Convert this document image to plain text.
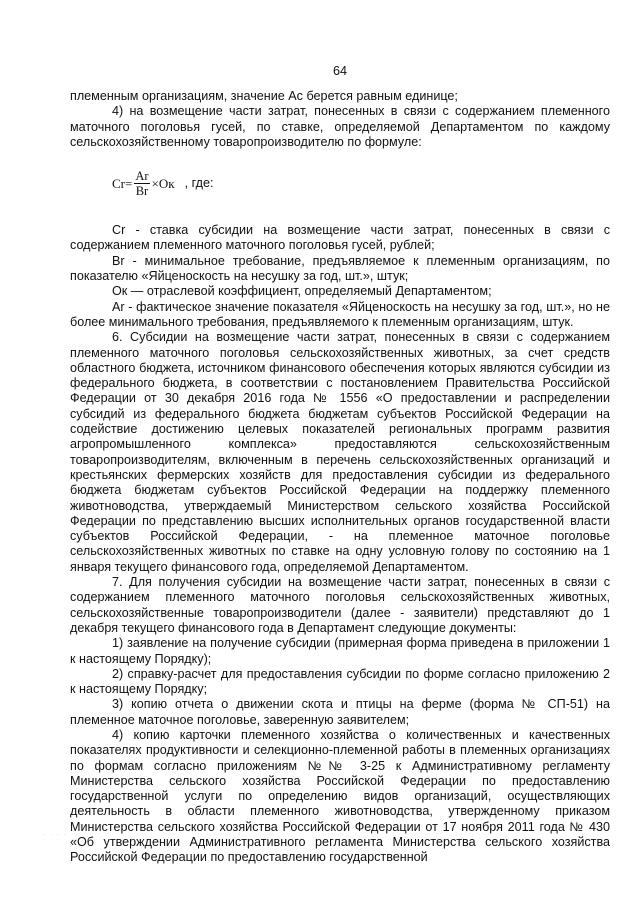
64

племенным организациям, значение Ас берется равным единице;

4) на возмещение части затрат, понесенных в связи с содержанием племенного маточного поголовья гусей, по ставке, определяемой Департаментом по каждому сельскохозяйственному товаропроизводителю по формуле:

$Cr = \frac{Ar}{Br}$ × Oк , где:

Cr - ставка субсидии на возмещение части затрат, понесенных в связи с содержанием племенного маточного поголовья гусей, рублей;

Br - минимальное требование, предъявляемое к племенным организациям, по показателю «Яйценоскость на несушку за год, шт.», штук;

Oк — отраслевой коэффициент, определяемый Департаментом;

Ar - фактическое значение показателя «Яйценоскость на несушку за год, шт.», но не более минимального требования, предъявляемого к племенным организациям, штук.

6. Субсидии на возмещение части затрат, понесенных в связи с содержанием племенного маточного поголовья сельскохозяйственных животных, за счет средств областного бюджета, источником финансового обеспечения которых являются субсидии из федерального бюджета, в соответствии с постановлением Правительства Российской Федерации от 30 декабря 2016 года № 1556 «О предоставлении и распределении субсидий из федерального бюджета бюджетам субъектов Российской Федерации на содействие достижению целевых показателей региональных программ развития агропромышленного комплекса» предоставляются сельскохозяйственным товаропроизводителям, включенным в перечень сельскохозяйственных организаций и крестьянских фермерских хозяйств для предоставления субсидии из федерального бюджета бюджетам субъектов Российской Федерации на поддержку племенного животноводства, утверждаемый Министерством сельского хозяйства Российской Федерации по представлению высших исполнительных органов государственной власти субъектов Российской Федерации, - на племенное маточное поголовье сельскохозяйственных животных по ставке на одну условную голову по состоянию на 1 января текущего финансового года, определяемой Департаментом.

7. Для получения субсидии на возмещение части затрат, понесенных в связи с содержанием племенного маточного поголовья сельскохозяйственных животных, сельскохозяйственные товаропроизводители (далее - заявители) представляют до 1 декабря текущего финансового года в Департамент следующие документы:

1) заявление на получение субсидии (примерная форма приведена в приложении 1 к настоящему Порядку);

2) справку-расчет для предоставления субсидии по форме согласно приложению 2 к настоящему Порядку;

3) копию отчета о движении скота и птицы на ферме (форма № СП-51) на племенное маточное поголовье, заверенную заявителем;

4) копию карточки племенного хозяйства о количественных и качественных показателях продуктивности и селекционно-племенной работы в племенных организациях по формам согласно приложениям №№ 3-25 к Административному регламенту Министерства сельского хозяйства Российской Федерации по предоставлению государственной услуги по определению видов организаций, осуществляющих деятельность в области племенного животноводства, утвержденному приказом Министерства сельского хозяйства Российской Федерации от 17 ноября 2011 года № 430 «Об утверждении Административного регламента Министерства сельского хозяйства Российской Федерации по предоставлению государственной

· · · · ·
